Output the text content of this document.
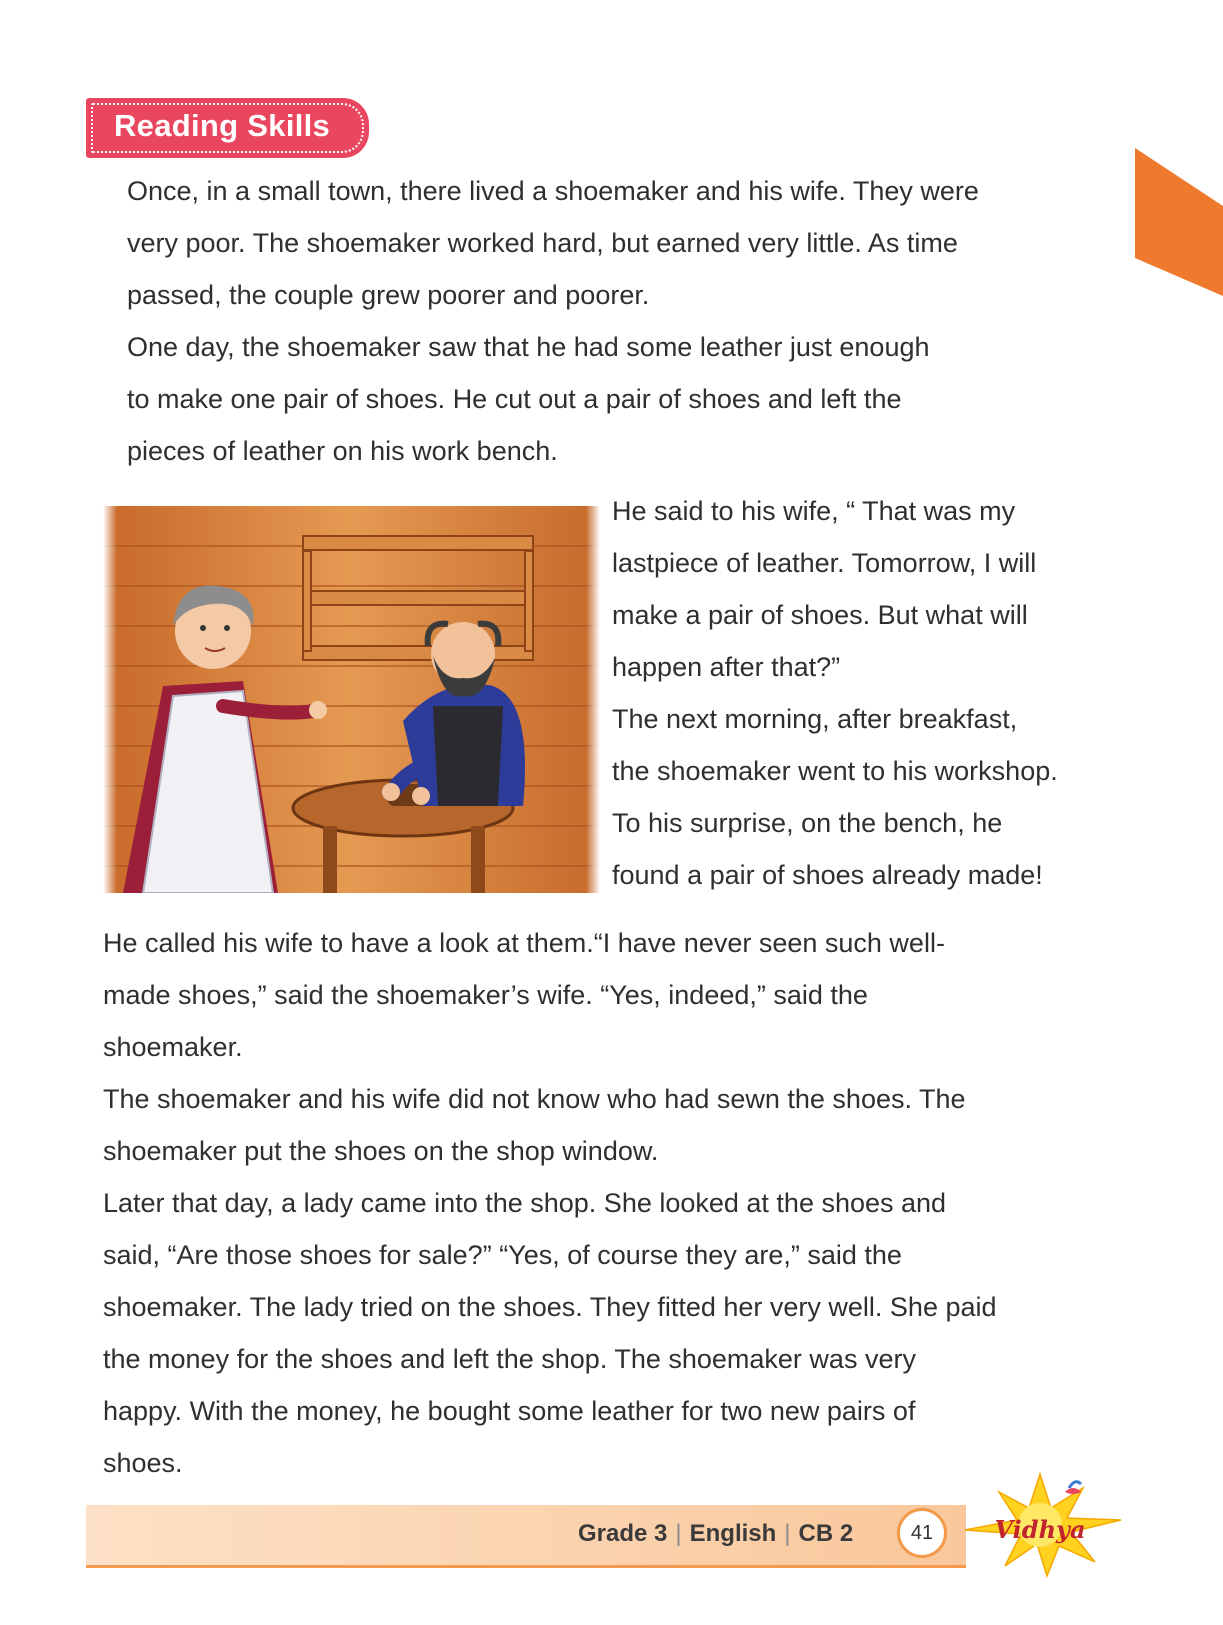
Reading Skills

Once, in a small town, there lived a shoemaker and his wife. They were
very poor. The shoemaker worked hard, but earned very little. As time
passed, the couple grew poorer and poorer.
One day, the shoemaker saw that he had some leather just enough
to make one pair of shoes. He cut out a pair of shoes and left the
pieces of leather on his work bench.

He said to his wife, “ That was my
lastpiece of leather. Tomorrow, I will
make a pair of shoes. But what will
happen after that?”
The next morning, after breakfast,
the shoemaker went to his workshop.
To his surprise, on the bench, he
found a pair of shoes already made!

He called his wife to have a look at them.“I have never seen such well-
made shoes,” said the shoemaker’s wife. “Yes, indeed,” said the
shoemaker.
The shoemaker and his wife did not know who had sewn the shoes. The
shoemaker put the shoes on the shop window.
Later that day, a lady came into the shop. She looked at the shoes and
said, “Are those shoes for sale?” “Yes, of course they are,” said the
shoemaker. The lady tried on the shoes. They fitted her very well. She paid
the money for the shoes and left the shop. The shoemaker was very
happy. With the money, he bought some leather for two new pairs of
shoes.

Grade 3 | English | CB 2	41	Vidhya
